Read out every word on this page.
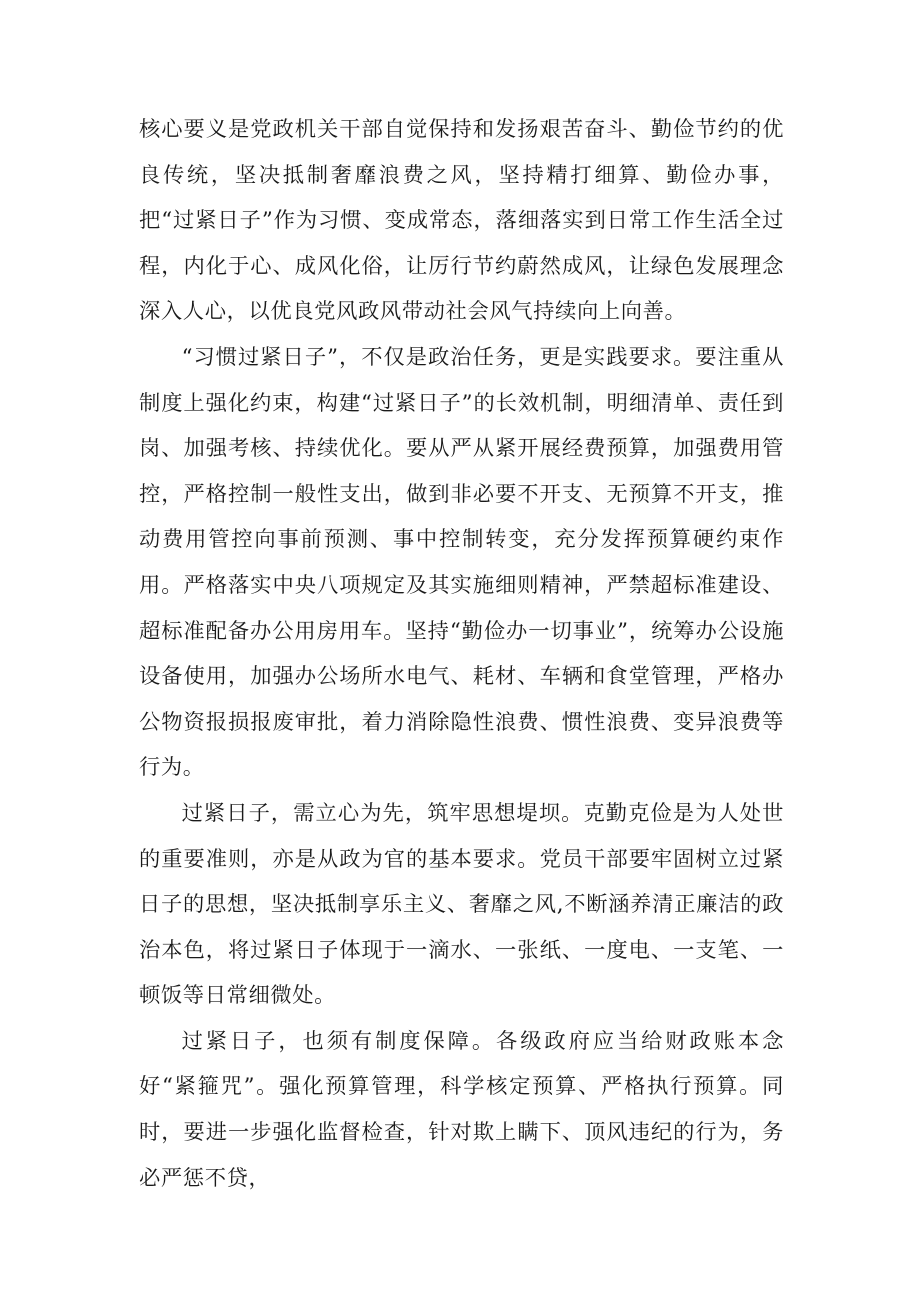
核心要义是党政机关干部自觉保持和发扬艰苦奋斗、勤俭节约的优良传统，坚决抵制奢靡浪费之风，坚持精打细算、勤俭办事，把“过紧日子”作为习惯、变成常态，落细落实到日常工作生活全过程，内化于心、成风化俗，让厉行节约蔚然成风，让绿色发展理念深入人心，以优良党风政风带动社会风气持续向上向善。

“习惯过紧日子”，不仅是政治任务，更是实践要求。要注重从制度上强化约束，构建“过紧日子”的长效机制，明细清单、责任到岗、加强考核、持续优化。要从严从紧开展经费预算，加强费用管控，严格控制一般性支出，做到非必要不开支、无预算不开支，推动费用管控向事前预测、事中控制转变，充分发挥预算硬约束作用。严格落实中央八项规定及其实施细则精神，严禁超标准建设、超标准配备办公用房用车。坚持“勤俭办一切事业”，统筹办公设施设备使用，加强办公场所水电气、耗材、车辆和食堂管理，严格办公物资报损报废审批，着力消除隐性浪费、惯性浪费、变异浪费等行为。

过紧日子，需立心为先，筑牢思想堤坝。克勤克俭是为人处世的重要准则，亦是从政为官的基本要求。党员干部要牢固树立过紧日子的思想，坚决抵制享乐主义、奢靡之风,不断涵养清正廉洁的政治本色，将过紧日子体现于一滴水、一张纸、一度电、一支笔、一顿饭等日常细微处。

过紧日子，也须有制度保障。各级政府应当给财政账本念好“紧箍咒”。强化预算管理，科学核定预算、严格执行预算。同时，要进一步强化监督检查，针对欺上瞒下、顶风违纪的行为，务必严惩不贷，
